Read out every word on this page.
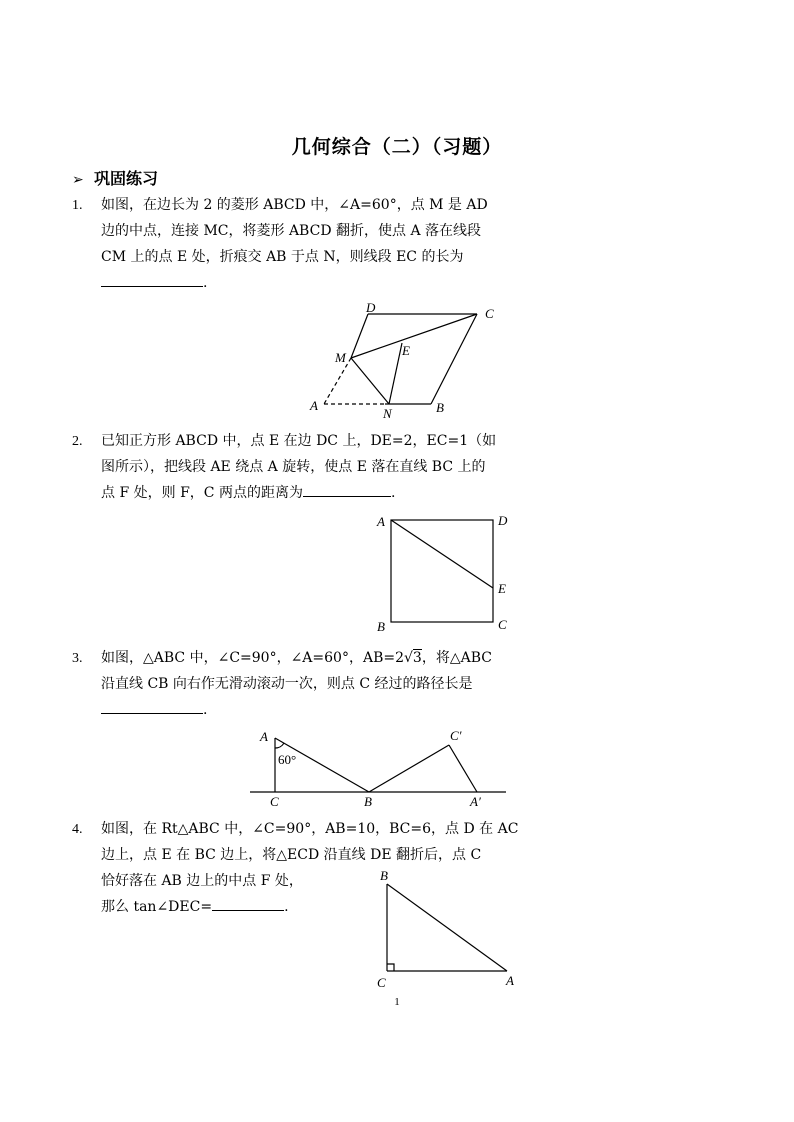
几何综合（二）（习题）
➢ 巩固练习
1. 如图，在边长为 2 的菱形 ABCD 中，∠A=60°，点 M 是 AD
边的中点，连接 MC，将菱形 ABCD 翻折，使点 A 落在线段
CM 上的点 E 处，折痕交 AB 于点 N，则线段 EC 的长为
.
D	C
M	E
A
N	B
2. 已知正方形 ABCD 中，点 E 在边 DC 上，DE=2，EC=1（如
图所示），把线段 AE 绕点 A 旋转，使点 E 落在直线 BC 上的
点 F 处，则 F，C 两点的距离为	.
A	D
E
B	C
3. 如图，△ABC 中，∠C=90°，∠A=60°，AB=2√3，将△ABC
沿直线 CB 向右作无滑动滚动一次，则点 C 经过的路径长是
.
A
60°
C	B
C′
A′
4. 如图，在 Rt△ABC 中，∠C=90°，AB=10，BC=6，点 D 在 AC
边上，点 E 在 BC 边上，将△ECD 沿直线 DE 翻折后，点 C
恰好落在 AB 边上的中点 F 处，
那么 tan∠DEC=	.
B
C	A
1
